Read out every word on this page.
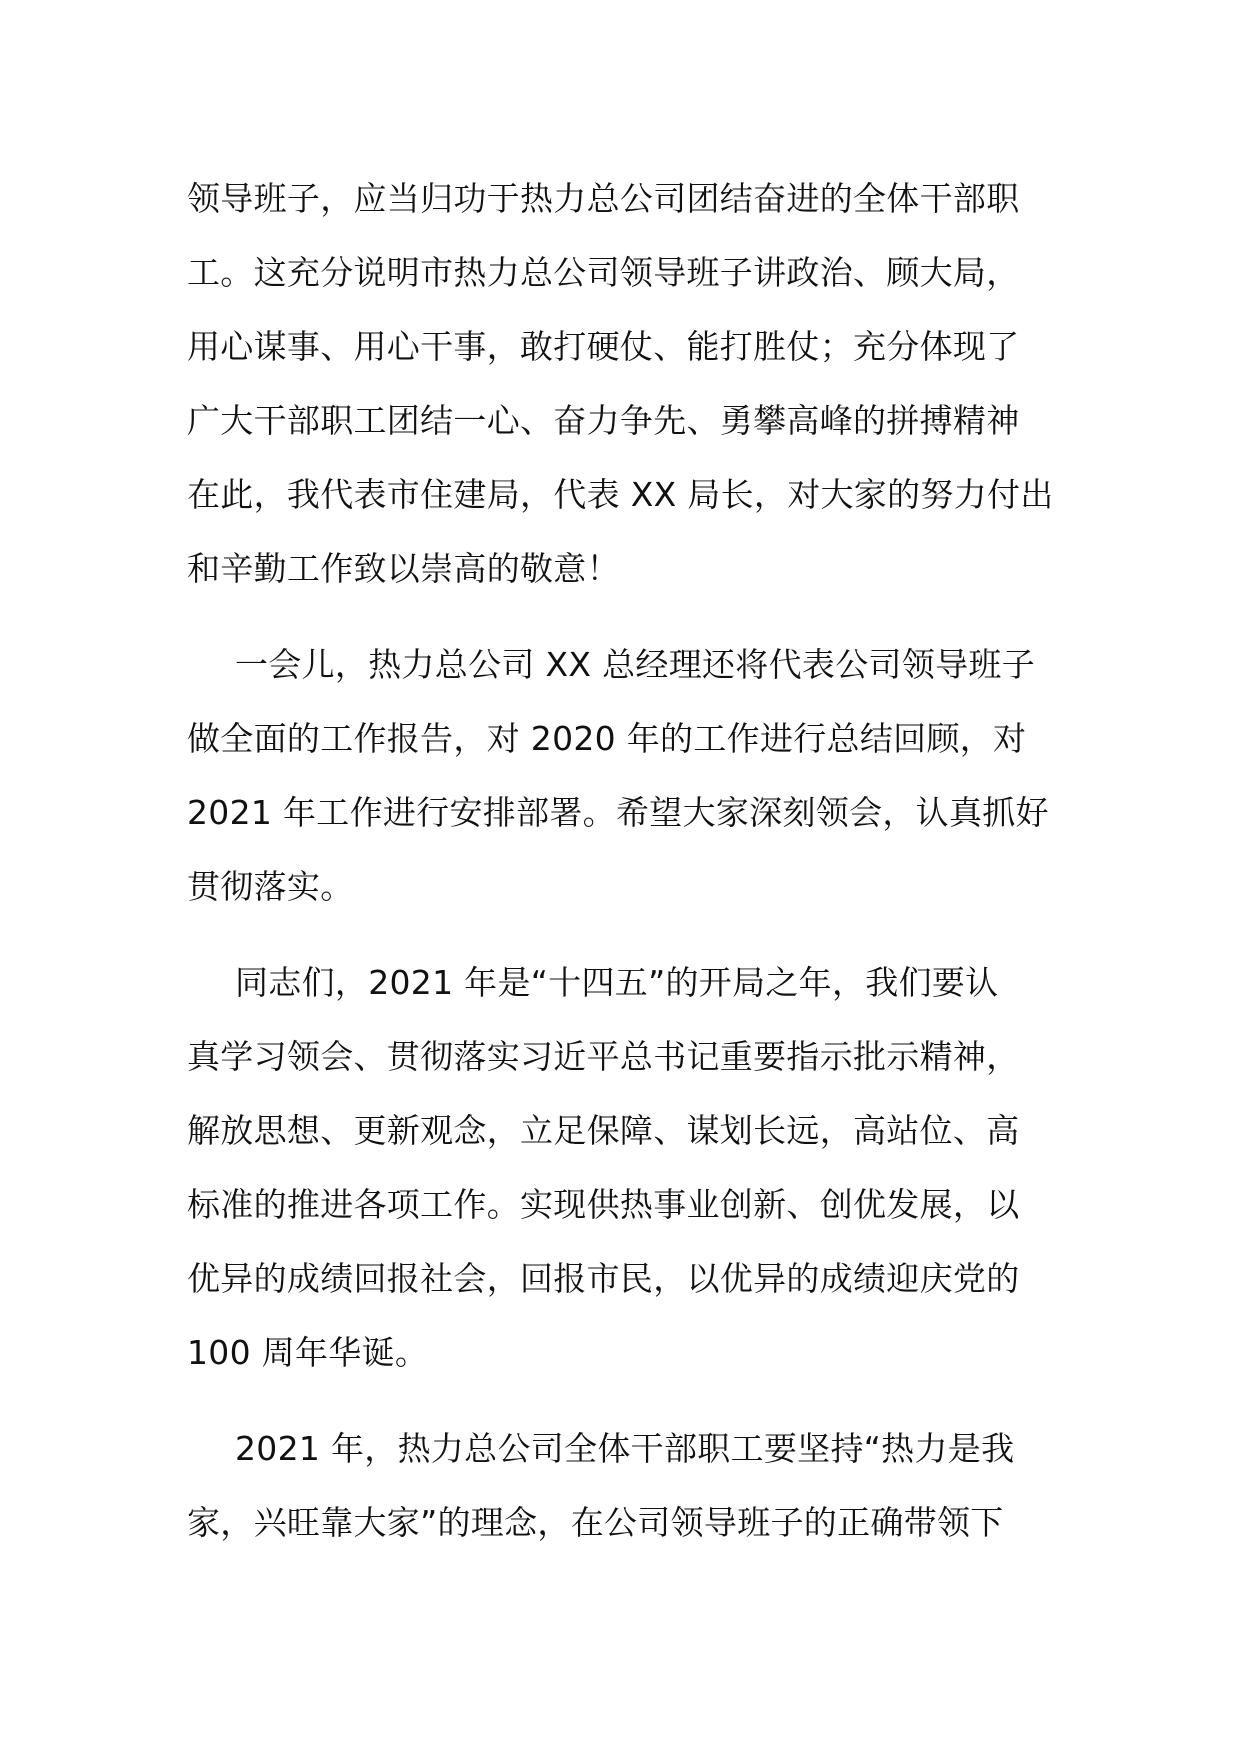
领导班子，应当归功于热力总公司团结奋进的全体干部职
工。这充分说明市热力总公司领导班子讲政治、顾大局，
用心谋事、用心干事，敢打硬仗、能打胜仗；充分体现了
广大干部职工团结一心、奋力争先、勇攀高峰的拼搏精神
在此，我代表市住建局，代表 XX 局长，对大家的努力付出
和辛勤工作致以崇高的敬意！
一会儿，热力总公司 XX 总经理还将代表公司领导班子
做全面的工作报告，对 2020 年的工作进行总结回顾，对
2021 年工作进行安排部署。希望大家深刻领会，认真抓好
贯彻落实。
同志们，2021 年是“十四五”的开局之年，我们要认
真学习领会、贯彻落实习近平总书记重要指示批示精神，
解放思想、更新观念，立足保障、谋划长远，高站位、高
标准的推进各项工作。实现供热事业创新、创优发展，以
优异的成绩回报社会，回报市民，以优异的成绩迎庆党的
100 周年华诞。
2021 年，热力总公司全体干部职工要坚持“热力是我
家，兴旺靠大家”的理念，在公司领导班子的正确带领下
